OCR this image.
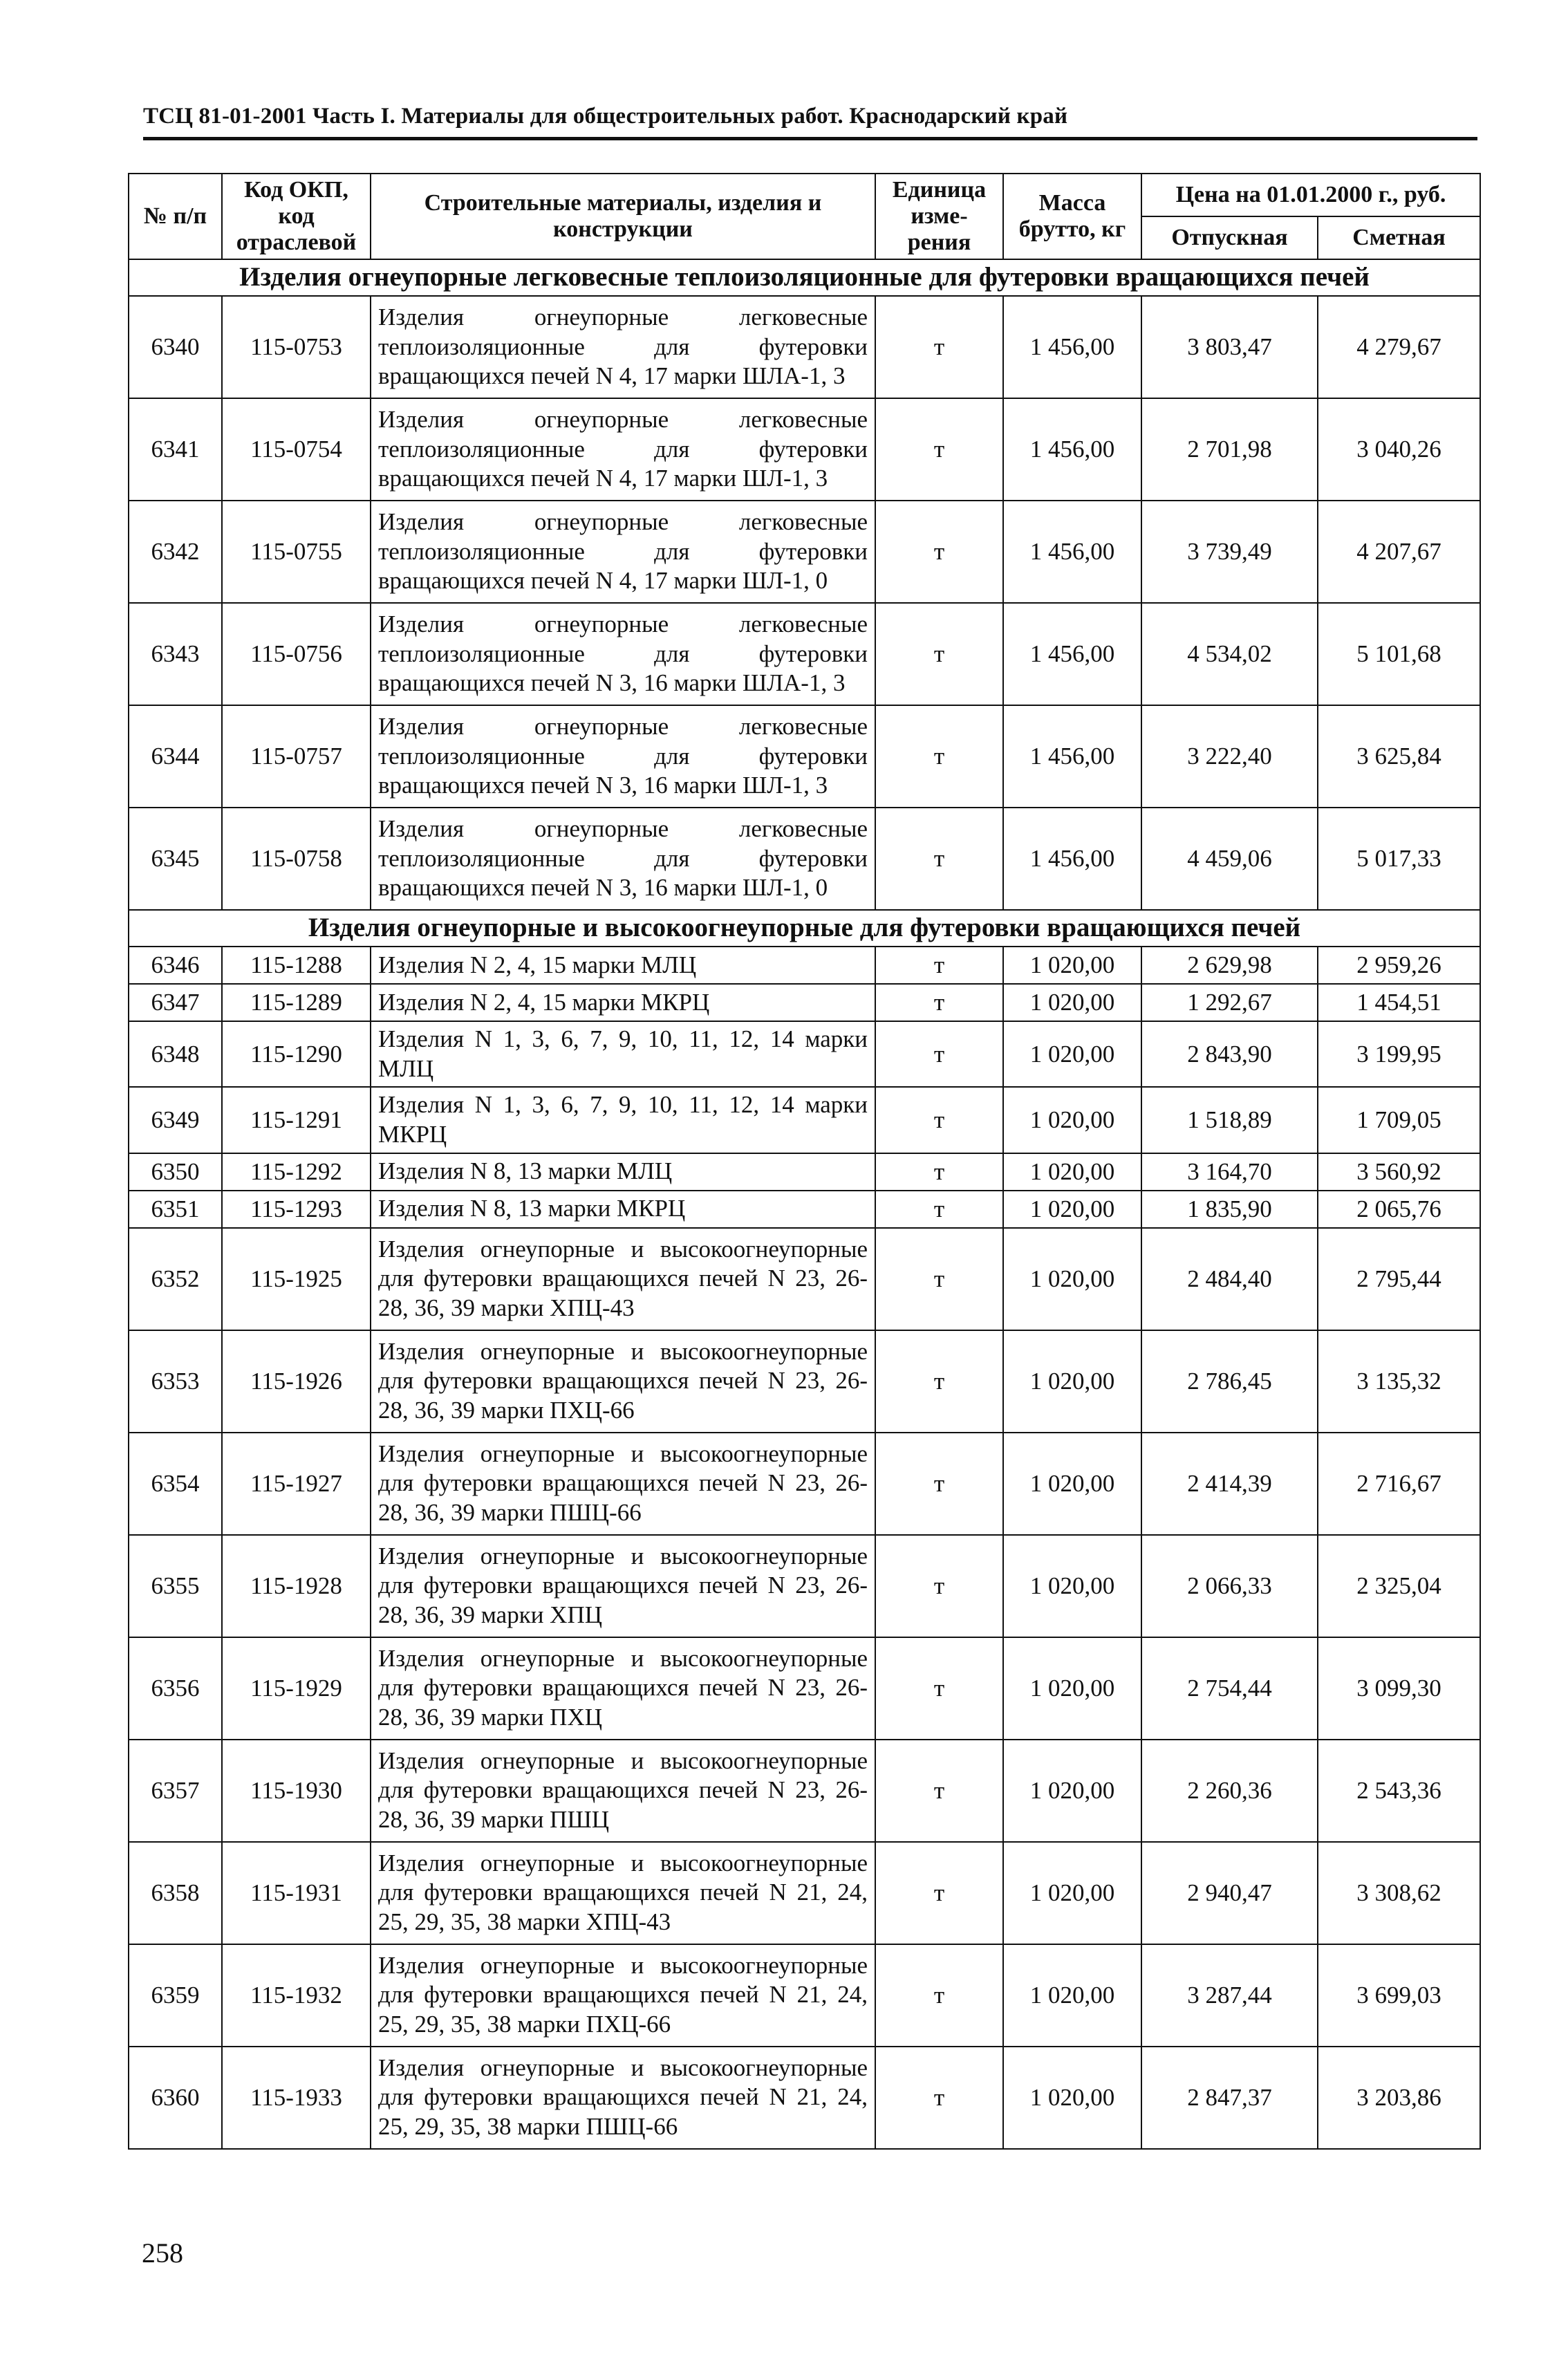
ТСЦ 81-01-2001 Часть I. Материалы для общестроительных работ. Краснодарский край
№ п/п	Код ОКП, код отраслевой	Строительные материалы, изделия и конструкции	Единица изме-рения	Масса брутто, кг	Цена на 01.01.2000 г., руб.	
					Отпускная	Сметная
Изделия огнеупорные легковесные теплоизоляционные для футеровки вращающихся печей						
6340	115-0753	Изделия огнеупорные легковесные теплоизоляционные для футеровки вращающихся печей N 4, 17 марки ШЛА-1, 3	т	1 456,00	3 803,47	4 279,67
6341	115-0754	Изделия огнеупорные легковесные теплоизоляционные для футеровки вращающихся печей N 4, 17 марки ШЛ-1, 3	т	1 456,00	2 701,98	3 040,26
6342	115-0755	Изделия огнеупорные легковесные теплоизоляционные для футеровки вращающихся печей N 4, 17 марки ШЛ-1, 0	т	1 456,00	3 739,49	4 207,67
6343	115-0756	Изделия огнеупорные легковесные теплоизоляционные для футеровки вращающихся печей N 3, 16 марки ШЛА-1, 3	т	1 456,00	4 534,02	5 101,68
6344	115-0757	Изделия огнеупорные легковесные теплоизоляционные для футеровки вращающихся печей N 3, 16 марки ШЛ-1, 3	т	1 456,00	3 222,40	3 625,84
6345	115-0758	Изделия огнеупорные легковесные теплоизоляционные для футеровки вращающихся печей N 3, 16 марки ШЛ-1, 0	т	1 456,00	4 459,06	5 017,33
Изделия огнеупорные и высокоогнеупорные для футеровки вращающихся печей						
6346	115-1288	Изделия N 2, 4, 15 марки МЛЦ	т	1 020,00	2 629,98	2 959,26
6347	115-1289	Изделия N 2, 4, 15 марки МКРЦ	т	1 020,00	1 292,67	1 454,51
6348	115-1290	Изделия N 1, 3, 6, 7, 9, 10, 11, 12, 14 марки МЛЦ	т	1 020,00	2 843,90	3 199,95
6349	115-1291	Изделия N 1, 3, 6, 7, 9, 10, 11, 12, 14 марки МКРЦ	т	1 020,00	1 518,89	1 709,05
6350	115-1292	Изделия N 8, 13 марки МЛЦ	т	1 020,00	3 164,70	3 560,92
6351	115-1293	Изделия N 8, 13 марки МКРЦ	т	1 020,00	1 835,90	2 065,76
6352	115-1925	Изделия огнеупорные и высокоогнеупорные для футеровки вращающихся печей N 23, 26-28, 36, 39 марки ХПЦ-43	т	1 020,00	2 484,40	2 795,44
6353	115-1926	Изделия огнеупорные и высокоогнеупорные для футеровки вращающихся печей N 23, 26-28, 36, 39 марки ПХЦ-66	т	1 020,00	2 786,45	3 135,32
6354	115-1927	Изделия огнеупорные и высокоогнеупорные для футеровки вращающихся печей N 23, 26-28, 36, 39 марки ПШЦ-66	т	1 020,00	2 414,39	2 716,67
6355	115-1928	Изделия огнеупорные и высокоогнеупорные для футеровки вращающихся печей N 23, 26-28, 36, 39 марки ХПЦ	т	1 020,00	2 066,33	2 325,04
6356	115-1929	Изделия огнеупорные и высокоогнеупорные для футеровки вращающихся печей N 23, 26-28, 36, 39 марки ПХЦ	т	1 020,00	2 754,44	3 099,30
6357	115-1930	Изделия огнеупорные и высокоогнеупорные для футеровки вращающихся печей N 23, 26-28, 36, 39 марки ПШЦ	т	1 020,00	2 260,36	2 543,36
6358	115-1931	Изделия огнеупорные и высокоогнеупорные для футеровки вращающихся печей N 21, 24, 25, 29, 35, 38 марки ХПЦ-43	т	1 020,00	2 940,47	3 308,62
6359	115-1932	Изделия огнеупорные и высокоогнеупорные для футеровки вращающихся печей N 21, 24, 25, 29, 35, 38 марки ПХЦ-66	т	1 020,00	3 287,44	3 699,03
6360	115-1933	Изделия огнеупорные и высокоогнеупорные для футеровки вращающихся печей N 21, 24, 25, 29, 35, 38 марки ПШЦ-66	т	1 020,00	2 847,37	3 203,86
258
